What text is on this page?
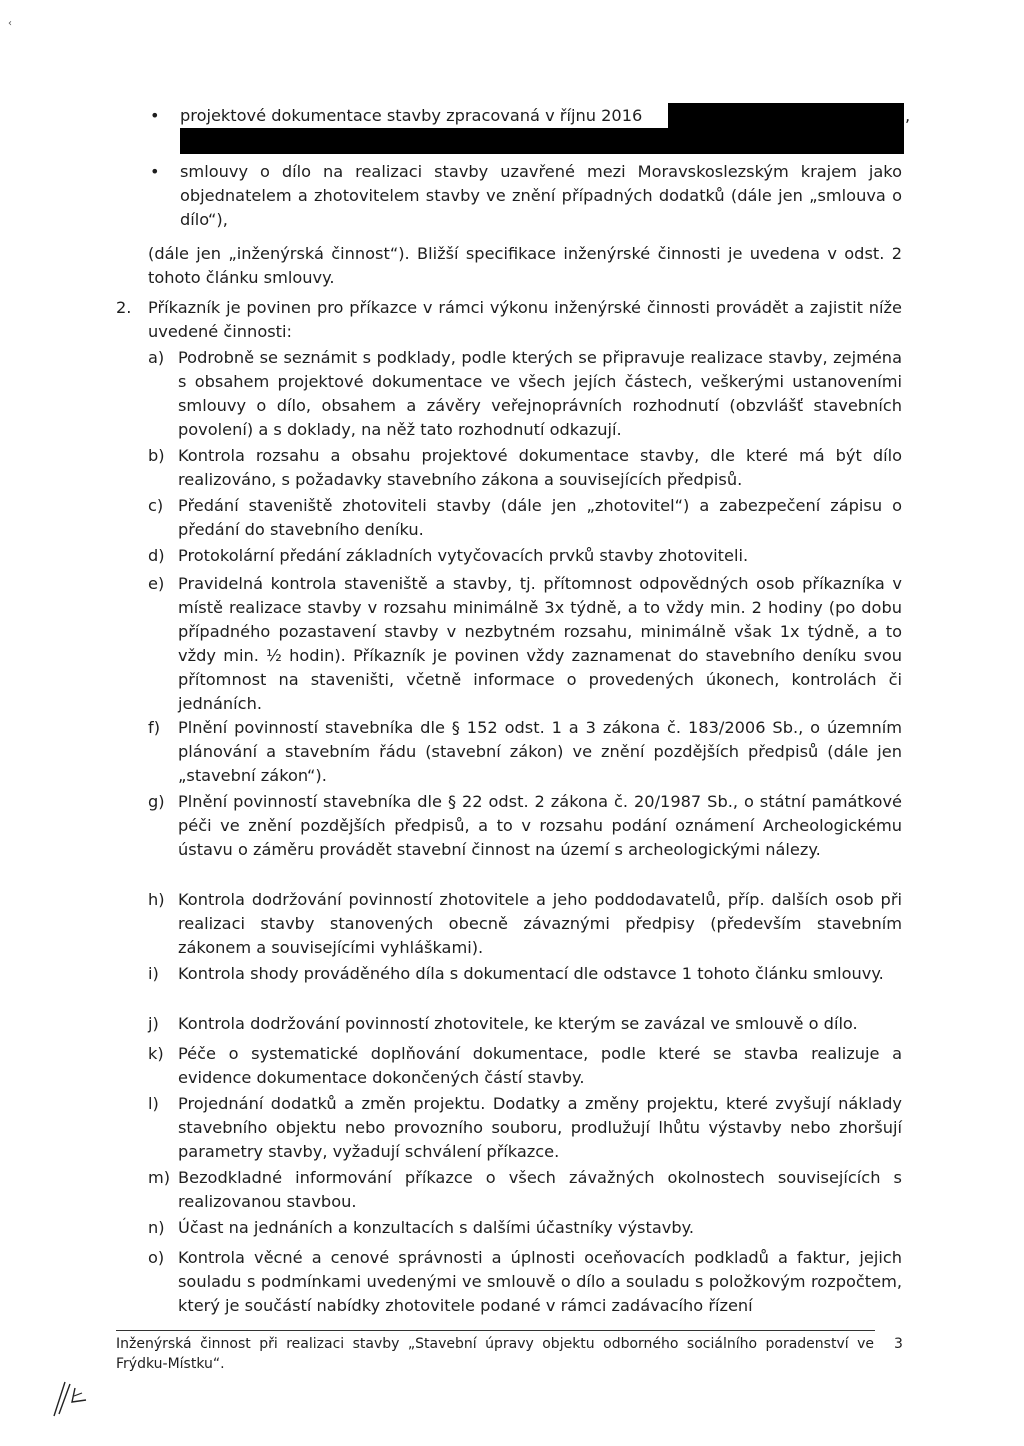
‹
• projektové dokumentace stavby zpracovaná v říjnu 2016	,
• smlouvy o dílo na realizaci stavby uzavřené mezi Moravskoslezským krajem jako objednatelem a zhotovitelem stavby ve znění případných dodatků (dále jen „smlouva o dílo“),
(dále jen „inženýrská činnost“). Bližší specifikace inženýrské činnosti je uvedena v odst. 2 tohoto článku smlouvy.
2. Příkazník je povinen pro příkazce v rámci výkonu inženýrské činnosti provádět a zajistit níže uvedené činnosti:
a) Podrobně se seznámit s podklady, podle kterých se připravuje realizace stavby, zejména s obsahem projektové dokumentace ve všech jejích částech, veškerými ustanoveními smlouvy o dílo, obsahem a závěry veřejnoprávních rozhodnutí (obzvlášť stavebních povolení) a s doklady, na něž tato rozhodnutí odkazují.
b) Kontrola rozsahu a obsahu projektové dokumentace stavby, dle které má být dílo realizováno, s požadavky stavebního zákona a souvisejících předpisů.
c) Předání staveniště zhotoviteli stavby (dále jen „zhotovitel“) a zabezpečení zápisu o předání do stavebního deníku.
d) Protokolární předání základních vytyčovacích prvků stavby zhotoviteli.
e) Pravidelná kontrola staveniště a stavby, tj. přítomnost odpovědných osob příkazníka v místě realizace stavby v rozsahu minimálně 3x týdně, a to vždy min. 2 hodiny (po dobu případného pozastavení stavby v nezbytném rozsahu, minimálně však 1x týdně, a to vždy min. ½ hodin). Příkazník je povinen vždy zaznamenat do stavebního deníku svou přítomnost na staveništi, včetně informace o provedených úkonech, kontrolách či jednáních.
f) Plnění povinností stavebníka dle § 152 odst. 1 a 3 zákona č. 183/2006 Sb., o územním plánování a stavebním řádu (stavební zákon) ve znění pozdějších předpisů (dále jen „stavební zákon“).
g) Plnění povinností stavebníka dle § 22 odst. 2 zákona č. 20/1987 Sb., o státní památkové péči ve znění pozdějších předpisů, a to v rozsahu podání oznámení Archeologickému ústavu o záměru provádět stavební činnost na území s archeologickými nálezy.
h) Kontrola dodržování povinností zhotovitele a jeho poddodavatelů, příp. dalších osob při realizaci stavby stanovených obecně závaznými předpisy (především stavebním zákonem a souvisejícími vyhláškami).
i) Kontrola shody prováděného díla s dokumentací dle odstavce 1 tohoto článku smlouvy.
j) Kontrola dodržování povinností zhotovitele, ke kterým se zavázal ve smlouvě o dílo.
k) Péče o systematické doplňování dokumentace, podle které se stavba realizuje a evidence dokumentace dokončených částí stavby.
l) Projednání dodatků a změn projektu. Dodatky a změny projektu, které zvyšují náklady stavebního objektu nebo provozního souboru, prodlužují lhůtu výstavby nebo zhoršují parametry stavby, vyžadují schválení příkazce.
m) Bezodkladné informování příkazce o všech závažných okolnostech souvisejících s realizovanou stavbou.
n) Účast na jednáních a konzultacích s dalšími účastníky výstavby.
o) Kontrola věcné a cenové správnosti a úplnosti oceňovacích podkladů a faktur, jejich souladu s podmínkami uvedenými ve smlouvě o dílo a souladu s položkovým rozpočtem, který je součástí nabídky zhotovitele podané v rámci zadávacího řízení
Inženýrská činnost při realizaci stavby „Stavební úpravy objektu odborného sociálního poradenství ve Frýdku-Místku“.
3
